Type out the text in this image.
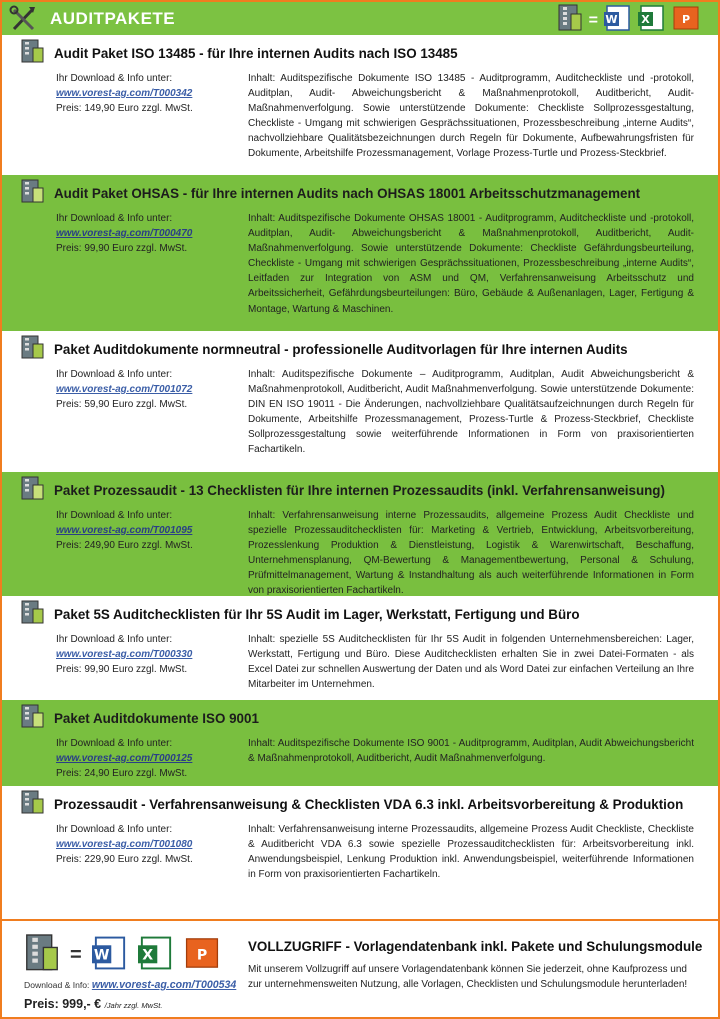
AUDITPAKETE	= W X	P
Audit Paket ISO 13485 - für Ihre internen Audits nach ISO 13485
Ihr Download & Info unter:
www.vorest-ag.com/T000342
Preis: 149,90 Euro zzgl. MwSt.
Inhalt: Auditspezifische Dokumente ISO 13485 - Auditprogramm, Auditcheckliste und -protokoll, Auditplan, Audit- Abweichungsbericht & Maßnahmenprotokoll, Auditbericht, Audit-Maßnahmenverfolgung. Sowie unterstützende Dokumente: Checkliste Sollprozessgestaltung, Checkliste - Umgang mit schwierigen Gesprächssituationen, Prozessbeschreibung „interne Audits“, nachvollziehbare Qualitätsbezeichnungen durch Regeln für Dokumente, Aufbewahrungsfristen für Dokumente, Arbeitshilfe Prozessmanagement, Vorlage Prozess-Turtle und Prozess-Steckbrief.
Audit Paket OHSAS - für Ihre internen Audits nach OHSAS 18001 Arbeitsschutzmanagement
Ihr Download & Info unter:
www.vorest-ag.com/T000470
Preis: 99,90 Euro zzgl. MwSt.
Inhalt: Auditspezifische Dokumente OHSAS 18001 - Auditprogramm, Auditcheckliste und -protokoll, Auditplan, Audit- Abweichungsbericht & Maßnahmenprotokoll, Auditbericht, Audit-Maßnahmenverfolgung. Sowie unterstützende Dokumente: Checkliste Gefährdungsbeurteilung, Checkliste - Umgang mit schwierigen Gesprächssituationen, Prozessbeschreibung „interne Audits“, Leitfaden zur Integration von ASM und QM, Verfahrensanweisung Arbeitsschutz und Arbeitssicherheit, Gefährdungsbeurteilungen: Büro, Gebäude & Außenanlagen, Lager, Fertigung & Montage, Wartung & Maschinen.
Paket Auditdokumente normneutral - professionelle Auditvorlagen für Ihre internen Audits
Ihr Download & Info unter:
www.vorest-ag.com/T001072
Preis: 59,90 Euro zzgl. MwSt.
Inhalt: Auditspezifische Dokumente – Auditprogramm, Auditplan, Audit Abweichungsbericht & Maßnahmenprotokoll, Auditbericht, Audit Maßnahmenverfolgung. Sowie unterstützende Dokumente: DIN EN ISO 19011 - Die Änderungen, nachvollziehbare Qualitätsaufzeichnungen durch Regeln für Dokumente, Arbeitshilfe Prozessmanagement, Prozess-Turtle & Prozess-Steckbrief, Checkliste Sollprozessgestaltung sowie weiterführende Informationen in Form von praxisorientierten Fachartikeln.
Paket Prozessaudit - 13 Checklisten für Ihre internen Prozessaudits (inkl. Verfahrensanweisung)
Ihr Download & Info unter:
www.vorest-ag.com/T001095
Preis: 249,90 Euro zzgl. MwSt.
Inhalt: Verfahrensanweisung interne Prozessaudits, allgemeine Prozess Audit Checkliste und spezielle Prozessauditchecklisten für: Marketing & Vertrieb, Entwicklung, Arbeitsvorbereitung, Prozesslenkung Produktion & Dienstleistung, Logistik & Warenwirtschaft, Beschaffung, Unternehmensplanung, QM-Bewertung & Managementbewertung, Personal & Schulung, Prüfmittelmanagement, Wartung & Instandhaltung als auch weiterführende Informationen in Form von praxisorientierten Fachartikeln.
Paket 5S Auditchecklisten für Ihr 5S Audit im Lager, Werkstatt, Fertigung und Büro
Ihr Download & Info unter:
www.vorest-ag.com/T000330
Preis: 99,90 Euro zzgl. MwSt.
Inhalt: spezielle 5S Auditchecklisten für Ihr 5S Audit in folgenden Unternehmensbereichen: Lager, Werkstatt, Fertigung und Büro. Diese Auditchecklisten erhalten Sie in zwei Datei-Formaten - als Excel Datei zur schnellen Auswertung der Daten und als Word Datei zur einfachen Verteilung an Ihre Mitarbeiter im Unternehmen.
Paket Auditdokumente ISO 9001
Ihr Download & Info unter:
www.vorest-ag.com/T000125
Preis: 24,90 Euro zzgl. MwSt.
Inhalt: Auditspezifische Dokumente ISO 9001 - Auditprogramm, Auditplan, Audit Abweichungsbericht & Maßnahmenprotokoll, Auditbericht, Audit Maßnahmenverfolgung.
Prozessaudit - Verfahrensanweisung & Checklisten VDA 6.3 inkl. Arbeitsvorbereitung & Produktion
Ihr Download & Info unter:
www.vorest-ag.com/T001080
Preis: 229,90 Euro zzgl. MwSt.
Inhalt: Verfahrensanweisung interne Prozessaudits, allgemeine Prozess Audit Checkliste, Checkliste & Auditbericht VDA 6.3 sowie spezielle Prozessauditchecklisten für: Arbeitsvorbereitung inkl. Anwendungsbeispiel, Lenkung Produktion inkl. Anwendungsbeispiel, weiterführende Informationen in Form von praxisorientierten Fachartikeln.
= W	X	P
Download & Info: www.vorest-ag.com/T000534
Preis: 999,- € /Jahr zzgl. MwSt.
VOLLZUGRIFF - Vorlagendatenbank inkl. Pakete und Schulungsmodule
Mit unserem Vollzugriff auf unsere Vorlagendatenbank können Sie jederzeit, ohne Kaufprozess und zur unternehmensweiten Nutzung, alle Vorlagen, Checklisten und Schulungsmodule herunterladen!
